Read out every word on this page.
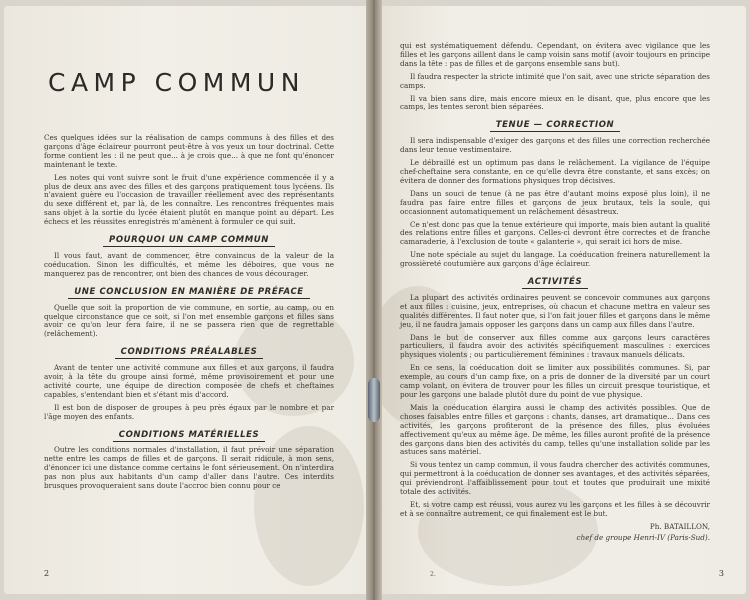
CAMP COMMUN

Ces quelques idées sur la réalisation de camps communs à des filles et des garçons d'âge éclaireur pourront peut-être à vos yeux un tour doctrinal. Cette forme contient les : il ne peut que... à je crois que... à que ne font qu'énoncer maintenant le texte.

Les notes qui vont suivre sont le fruit d'une expérience commencée il y a plus de deux ans avec des filles et des garçons pratiquement tous lycéens. Ils n'avaient guère eu l'occasion de travailler réellement avec des représentants du sexe différent et, par là, de les connaître. Les rencontres fréquentes mais sans objet à la sortie du lycée étaient plutôt en manque point au départ. Les échecs et les réussites enregistrés m'amènent à formuler ce qui suit.

POURQUOI UN CAMP COMMUN

Il vous faut, avant de commencer, être convaincus de la valeur de la coéducation. Sinon les difficultés, et même les déboires, que vous ne manquerez pas de rencontrer, ont bien des chances de vous décourager.

UNE CONCLUSION EN MANIÈRE DE PRÉFACE

Quelle que soit la proportion de vie commune, en sortie, au camp, ou en quelque circonstance que ce soit, si l'on met ensemble garçons et filles sans avoir ce qu'on leur fera faire, il ne se passera rien que de regrettable (relâchement).

CONDITIONS PRÉALABLES

Avant de tenter une activité commune aux filles et aux garçons, il faudra avoir, à la tête du groupe ainsi formé, même provisoirement et pour une activité courte, une équipe de direction composée de chefs et cheftaines capables, s'entendant bien et s'étant mis d'accord.

Il est bon de disposer de groupes à peu près égaux par le nombre et par l'âge moyen des enfants.

CONDITIONS MATÉRIELLES

Outre les conditions normales d'installation, il faut prévoir une séparation nette entre les camps de filles et de garçons. Il serait ridicule, à mon sens, d'énoncer ici une distance comme certains le font sérieusement. On n'interdira pas non plus aux habitants d'un camp d'aller dans l'autre. Ces interdits brusques provoqueraient sans doute l'accroc bien connu pour ce

2

qui est systématiquement défendu. Cependant, on évitera avec vigilance que les filles et les garçons aillent dans le camp voisin sans motif (avoir toujours en principe dans la tête : pas de filles et de garçons ensemble sans but).

Il faudra respecter la stricte intimité que l'on sait, avec une stricte séparation des camps.

Il va bien sans dire, mais encore mieux en le disant, que, plus encore que les camps, les tentes seront bien séparées.

TENUE — CORRECTION

Il sera indispensable d'exiger des garçons et des filles une correction recherchée dans leur tenue vestimentaire.

Le débraillé est un optimum pas dans le relâchement. La vigilance de l'équipe chef-cheftaine sera constante, en ce qu'elle devra être constante, et sans excès; on évitera de donner des formations physiques trop décisives.

Dans un souci de tenue (à ne pas être d'autant moins exposé plus loin), il ne faudra pas faire entre filles et garçons de jeux brutaux, tels la soule, qui occasionnent automatiquement un relâchement désastreux.

Ce n'est donc pas que la tenue extérieure qui importe, mais bien autant la qualité des relations entre filles et garçons. Celles-ci devront être correctes et de franche camaraderie, à l'exclusion de toute « galanterie », qui serait ici hors de mise.

Une note spéciale au sujet du langage. La coéducation freinera naturellement la grossièreté coutumière aux garçons d'âge éclaireur.

ACTIVITÉS

La plupart des activités ordinaires peuvent se concevoir communes aux garçons et aux filles : cuisine, jeux, entreprises, où chacun et chacune mettra en valeur ses qualités différentes. Il faut noter que, si l'on fait jouer filles et garçons dans le même jeu, il ne faudra jamais opposer les garçons dans un camp aux filles dans l'autre.

Dans le but de conserver aux filles comme aux garçons leurs caractères particuliers, il faudra avoir des activités spécifiquement masculines : exercices physiques violents ; ou particulièrement féminines : travaux manuels délicats.

En ce sens, la coéducation doit se limiter aux possibilités communes. Si, par exemple, au cours d'un camp fixe, on a pris de donner de la diversité par un court camp volant, on évitera de trouver pour les filles un circuit presque touristique, et pour les garçons une balade plutôt dure du point de vue physique.

Mais la coéducation élargira aussi le champ des activités possibles. Que de choses faisables entre filles et garçons : chants, danses, art dramatique... Dans ces activités, les garçons profiteront de la présence des filles, plus évoluées affectivement qu'eux au même âge. De même, les filles auront profité de la présence des garçons dans bien des activités du camp, telles qu'une installation solide par les astuces sans matériel.

Si vous tentez un camp commun, il vous faudra chercher des activités communes, qui permettront à la coéducation de donner ses avantages, et des activités séparées, qui préviendront l'affaiblissement pour tout et toutes que produirait une mixité totale des activités.

Et, si votre camp est réussi, vous aurez vu les garçons et les filles à se découvrir et à se connaître autrement, ce qui finalement est le but.

Ph. BATAILLON,
chef de groupe Henri-IV (Paris-Sud).
2.	3
